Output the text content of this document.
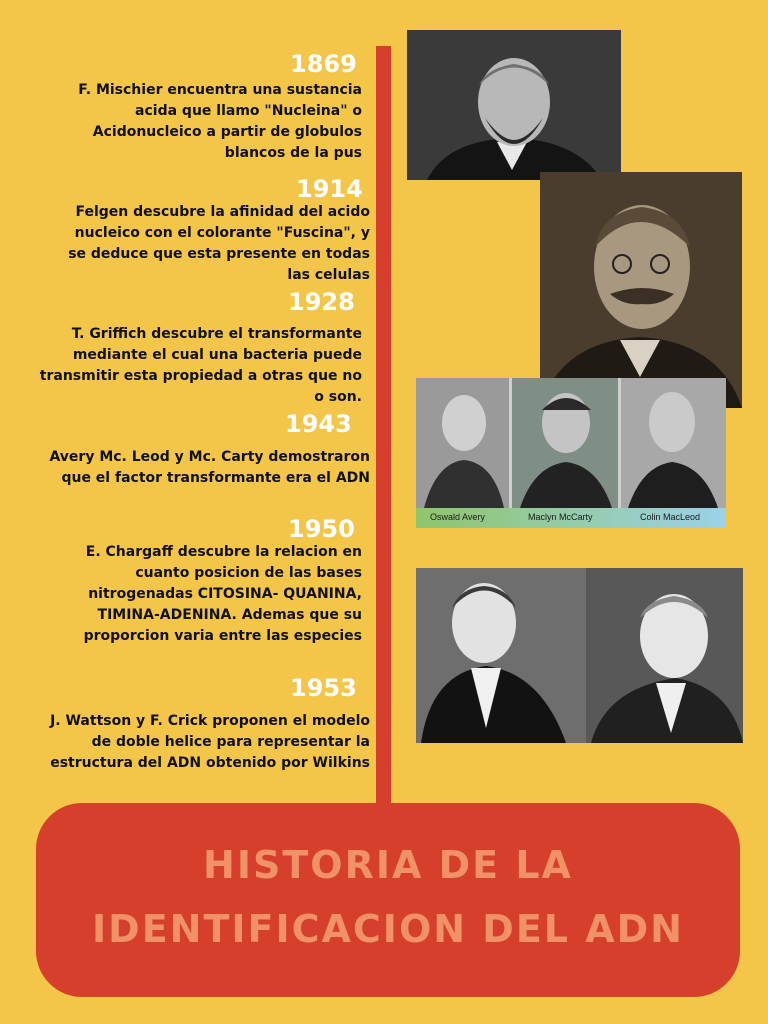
1869
1914
1928
1943
1950
1953
F. Mischier encuentra una sustancia
acida que llamo "Nucleina" o
Acidonucleico a partir de globulos
blancos de la pus
Felgen descubre la afinidad del acido
nucleico con el colorante "Fuscina", y
se deduce que esta presente en todas
las celulas
T. Griffich descubre el transformante
mediante el cual una bacteria puede
transmitir esta propiedad a otras que no
o son.
Avery Mc. Leod y Mc. Carty demostraron
que el factor transformante era el ADN
E. Chargaff descubre la relacion en
cuanto posicion de las bases
nitrogenadas CITOSINA- QUANINA,
TIMINA-ADENINA. Ademas que su
proporcion varia entre las especies
J. Wattson y F. Crick proponen el modelo
de doble helice para representar la
estructura del ADN obtenido por Wilkins
Oswald Avery	Maclyn McCarty	Colin MacLeod
HISTORIA DE LA
IDENTIFICACION DEL ADN
